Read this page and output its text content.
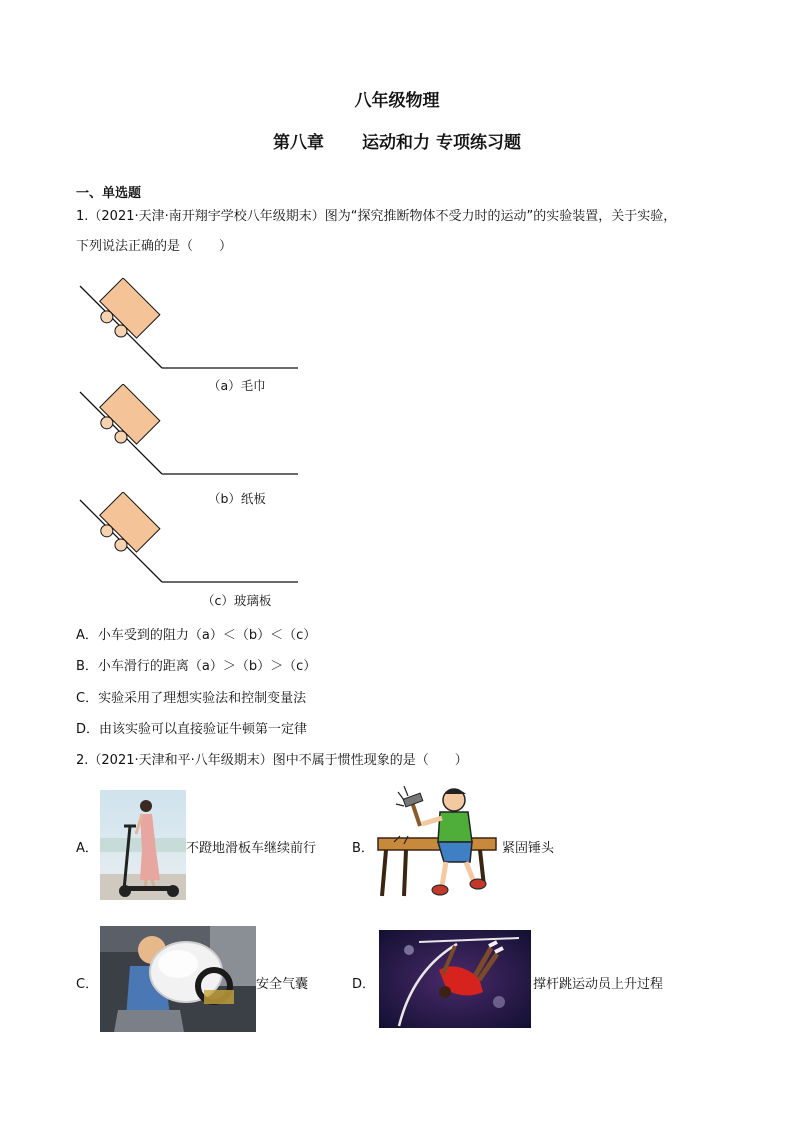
八年级物理
第八章 运动和力 专项练习题
一、单选题
1.（2021·天津·南开翔宇学校八年级期末）图为“探究推断物体不受力时的运动”的实验装置，关于实验，
下列说法正确的是（　　）
（a）毛巾
（b）纸板
（c）玻璃板
A．小车受到的阻力（a）＜（b）＜（c）
B．小车滑行的距离（a）＞（b）＞（c）
C．实验采用了理想实验法和控制变量法
D．由该实验可以直接验证牛顿第一定律
2.（2021·天津和平·八年级期末）图中不属于惯性现象的是（　　）
A．	不蹬地滑板车继续前行	B．	紧固锤头
C．	安全气囊	D．	撑杆跳运动员上升过程
